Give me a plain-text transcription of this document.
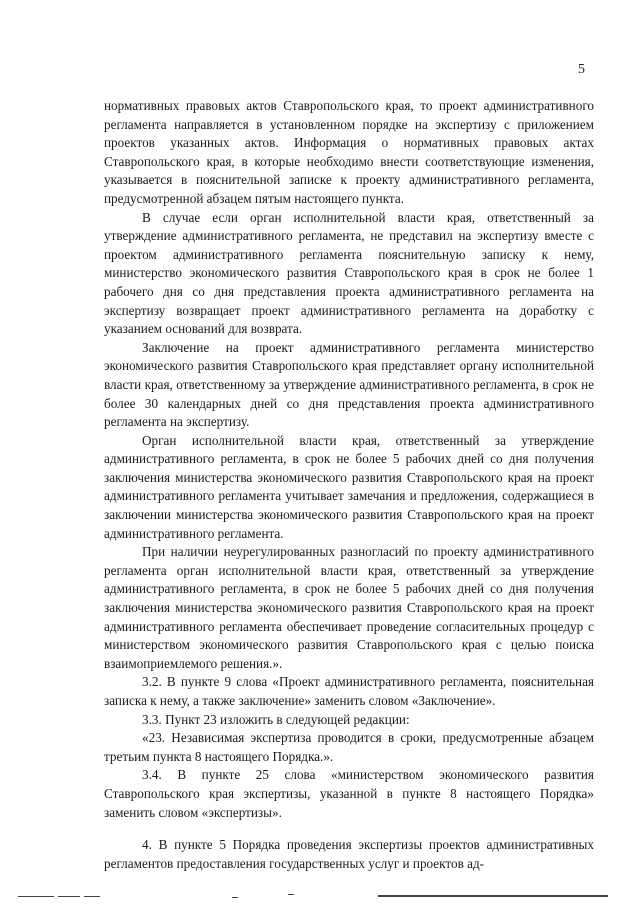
5

нормативных правовых актов Ставропольского края, то проект административного регламента направляется в установленном порядке на экспертизу с приложением проектов указанных актов. Информация о нормативных правовых актах Ставропольского края, в которые необходимо внести соответствующие изменения, указывается в пояснительной записке к проекту административного регламента, предусмотренной абзацем пятым настоящего пункта.

В случае если орган исполнительной власти края, ответственный за утверждение административного регламента, не представил на экспертизу вместе с проектом административного регламента пояснительную записку к нему, министерство экономического развития Ставропольского края в срок не более 1 рабочего дня со дня представления проекта административного регламента на экспертизу возвращает проект административного регламента на доработку с указанием оснований для возврата.

Заключение на проект административного регламента министерство экономического развития Ставропольского края представляет органу исполнительной власти края, ответственному за утверждение административного регламента, в срок не более 30 календарных дней со дня представления проекта административного регламента на экспертизу.

Орган исполнительной власти края, ответственный за утверждение административного регламента, в срок не более 5 рабочих дней со дня получения заключения министерства экономического развития Ставропольского края на проект административного регламента учитывает замечания и предложения, содержащиеся в заключении министерства экономического развития Ставропольского края на проект административного регламента.

При наличии неурегулированных разногласий по проекту административного регламента орган исполнительной власти края, ответственный за утверждение административного регламента, в срок не более 5 рабочих дней со дня получения заключения министерства экономического развития Ставропольского края на проект административного регламента обеспечивает проведение согласительных процедур с министерством экономического развития Ставропольского края с целью поиска взаимоприемлемого решения.».

3.2. В пункте 9 слова «Проект административного регламента, пояснительная записка к нему, а также заключение» заменить словом «Заключение».

3.3. Пункт 23 изложить в следующей редакции:

«23. Независимая экспертиза проводится в сроки, предусмотренные абзацем третьим пункта 8 настоящего Порядка.».

3.4. В пункте 25 слова «министерством экономического развития Ставропольского края экспертизы, указанной в пункте 8 настоящего Порядка» заменить словом «экспертизы».

4. В пункте 5 Порядка проведения экспертизы проектов административных регламентов предоставления государственных услуг и проектов ад-
